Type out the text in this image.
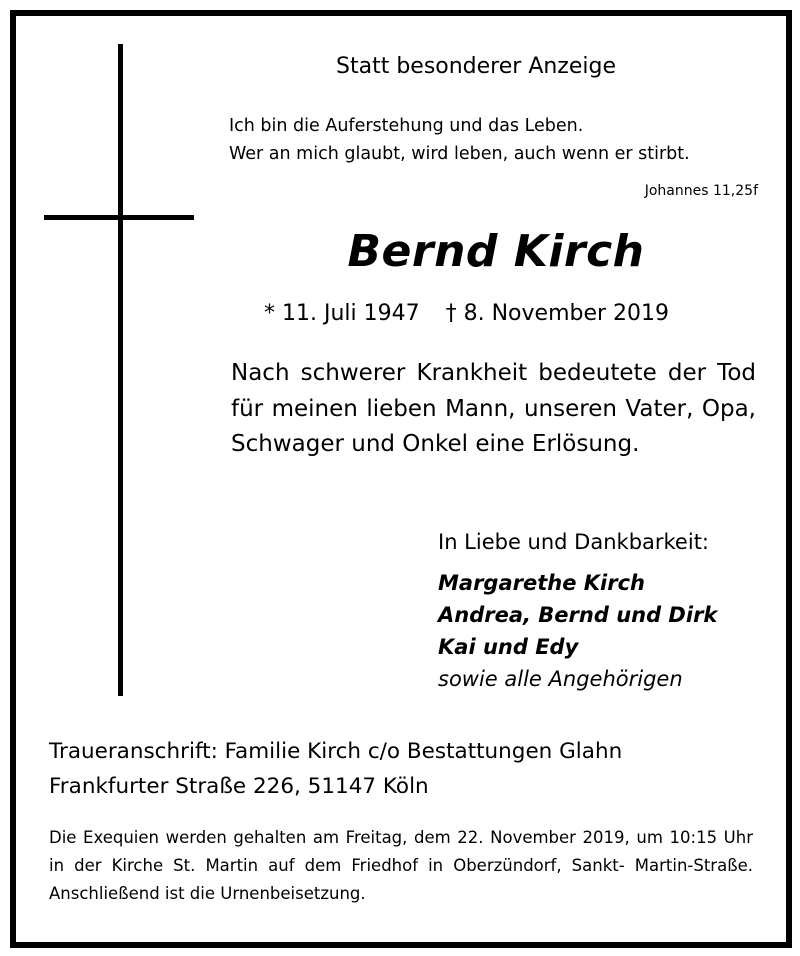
Statt besonderer Anzeige
Ich bin die Auferstehung und das Leben.
Wer an mich glaubt, wird leben, auch wenn er stirbt.
Johannes 11,25f
Bernd Kirch
* 11. Juli 1947 † 8. November 2019
Nach schwerer Krankheit bedeutete der Tod für meinen lieben Mann, unseren Vater, Opa, Schwager und Onkel eine Erlösung.
In Liebe und Dankbarkeit:
Margarethe Kirch
Andrea, Bernd und Dirk
Kai und Edy
sowie alle Angehörigen
Traueranschrift: Familie Kirch c/o Bestattungen Glahn
Frankfurter Straße 226, 51147 Köln
Die Exequien werden gehalten am Freitag, dem 22. November 2019, um 10:15 Uhr in der Kirche St. Martin auf dem Friedhof in Oberzündorf, Sankt- Martin-Straße. Anschließend ist die Urnenbeisetzung.
